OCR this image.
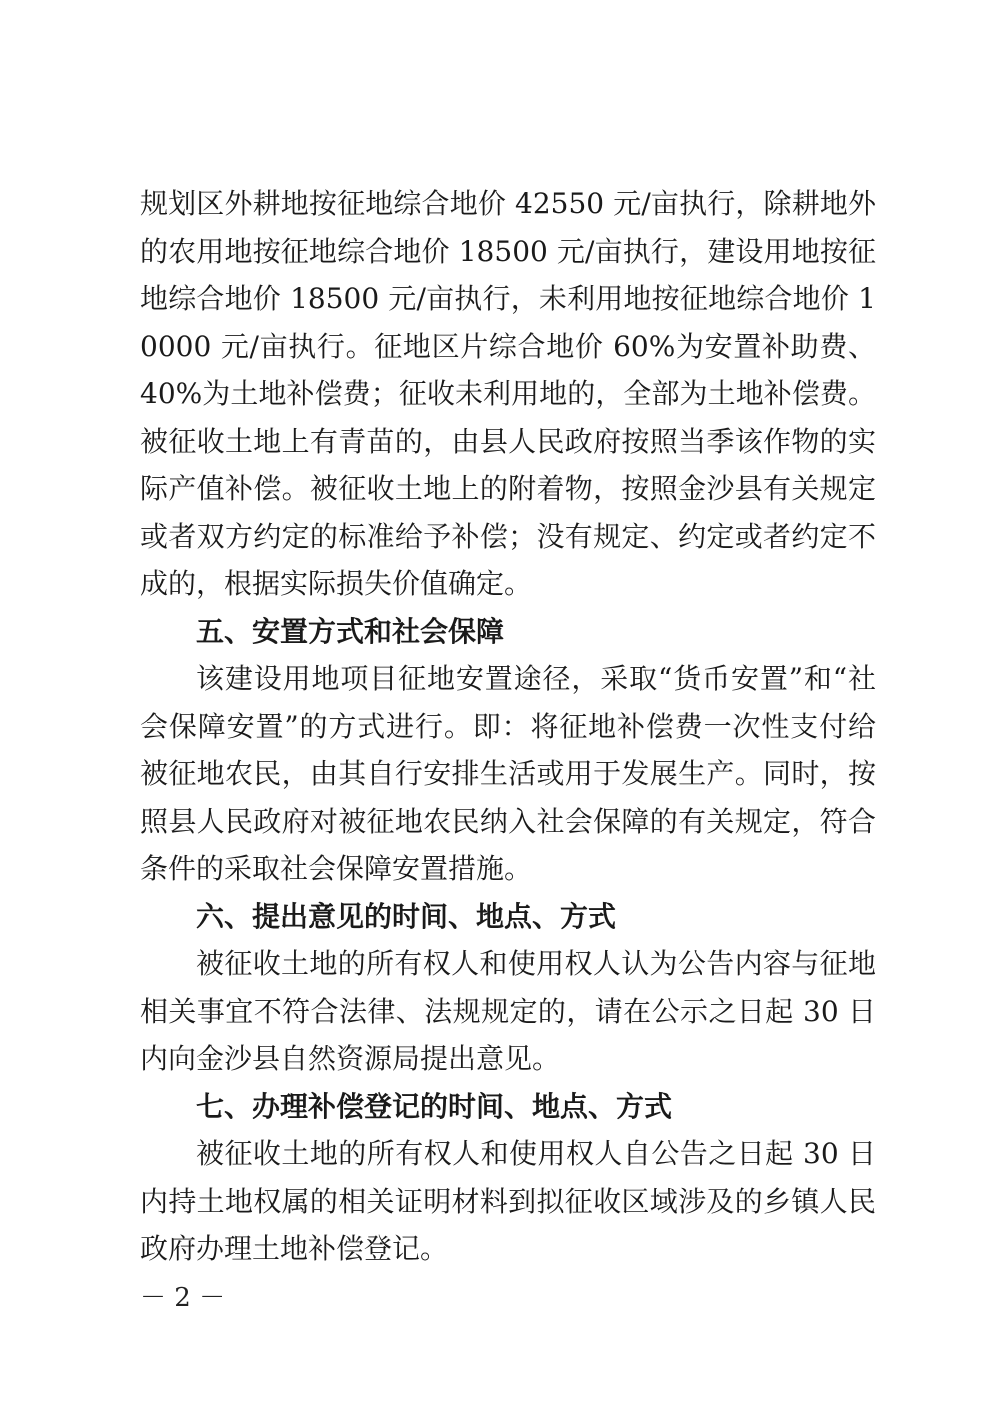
规划区外耕地按征地综合地价 42550 元/亩执行，除耕地外的农用地按征地综合地价 18500 元/亩执行，建设用地按征地综合地价 18500 元/亩执行，未利用地按征地综合地价 10000 元/亩执行。征地区片综合地价 60%为安置补助费、40%为土地补偿费；征收未利用地的，全部为土地补偿费。被征收土地上有青苗的，由县人民政府按照当季该作物的实际产值补偿。被征收土地上的附着物，按照金沙县有关规定或者双方约定的标准给予补偿；没有规定、约定或者约定不成的，根据实际损失价值确定。

五、安置方式和社会保障

该建设用地项目征地安置途径，采取“货币安置”和“社会保障安置”的方式进行。即：将征地补偿费一次性支付给被征地农民，由其自行安排生活或用于发展生产。同时，按照县人民政府对被征地农民纳入社会保障的有关规定，符合条件的采取社会保障安置措施。

六、提出意见的时间、地点、方式

被征收土地的所有权人和使用权人认为公告内容与征地相关事宜不符合法律、法规规定的，请在公示之日起 30 日内向金沙县自然资源局提出意见。

七、办理补偿登记的时间、地点、方式

被征收土地的所有权人和使用权人自公告之日起 30 日内持土地权属的相关证明材料到拟征收区域涉及的乡镇人民政府办理土地补偿登记。

－ 2 －
